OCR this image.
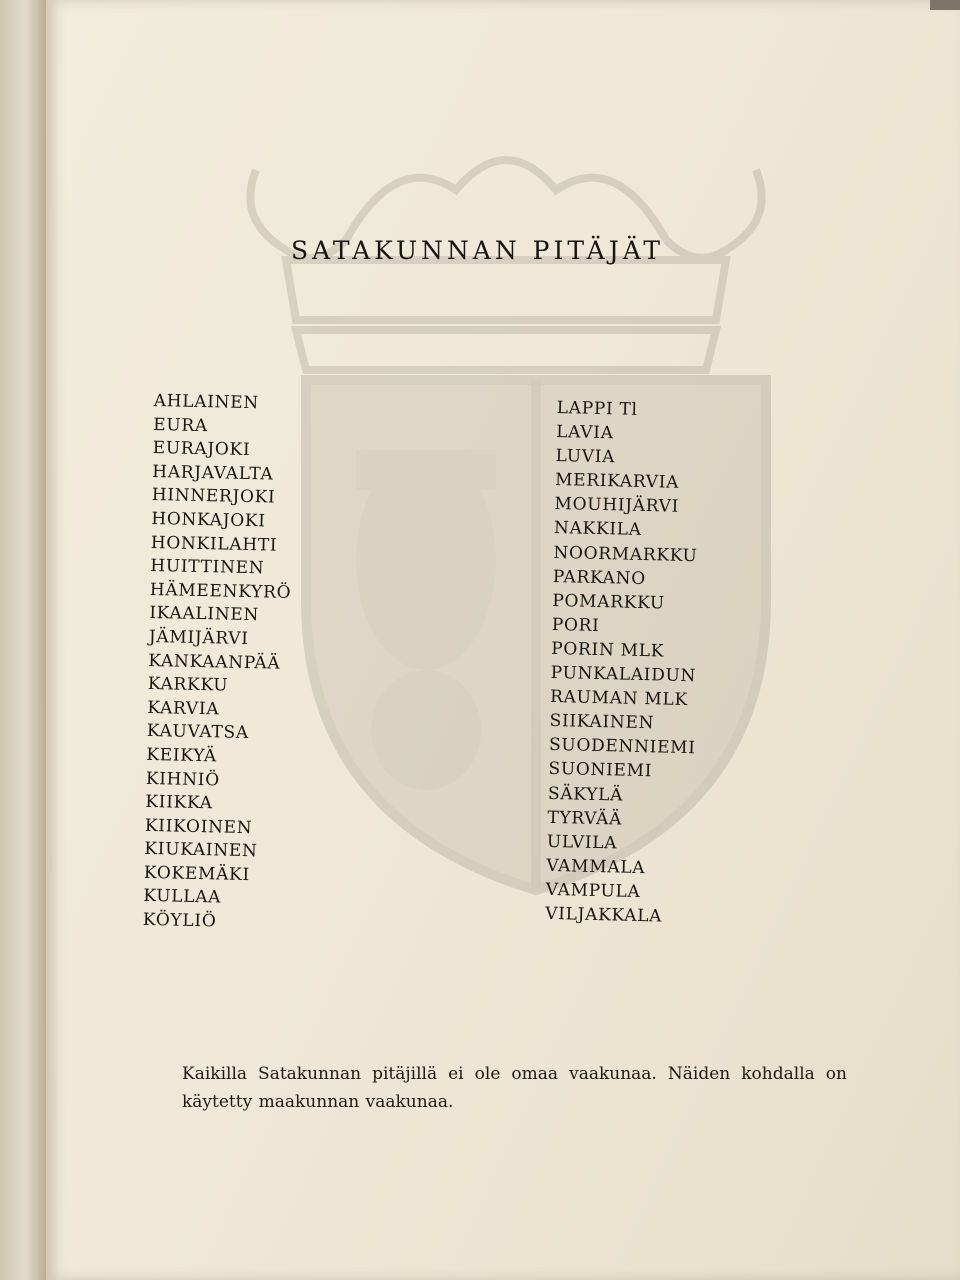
SATAKUNNAN PITÄJÄT
AHLAINEN
EURA
EURAJOKI
HARJAVALTA
HINNERJOKI
HONKAJOKI
HONKILAHTI
HUITTINEN
HÄMEENKYRÖ
IKAALINEN
JÄMIJÄRVI
KANKAANPÄÄ
KARKKU
KARVIA
KAUVATSA
KEIKYÄ
KIHNIÖ
KIIKKA
KIIKOINEN
KIUKAINEN
KOKEMÄKI
KULLAA
KÖYLIÖ
LAPPI Tl
LAVIA
LUVIA
MERIKARVIA
MOUHIJÄRVI
NAKKILA
NOORMARKKU
PARKANO
POMARKKU
PORI
PORIN MLK
PUNKALAIDUN
RAUMAN MLK
SIIKAINEN
SUODENNIEMI
SUONIEMI
SÄKYLÄ
TYRVÄÄ
ULVILA
VAMMALA
VAMPULA
VILJAKKALA

Kaikilla Satakunnan pitäjillä ei ole omaa vaakunaa. Näiden kohdalla on käytetty maakunnan vaakunaa.
